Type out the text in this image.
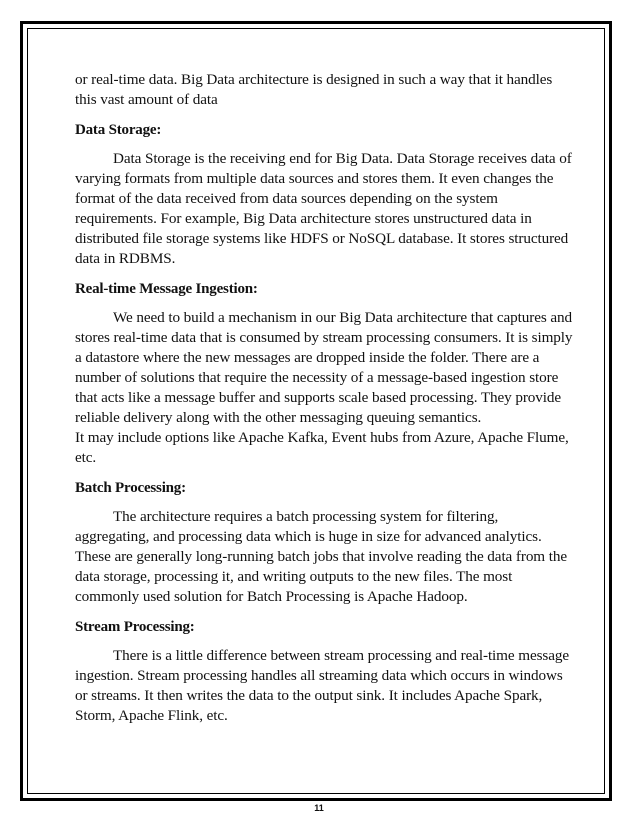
or real-time data. Big Data architecture is designed in such a way that it handles this vast amount of data

Data Storage:

Data Storage is the receiving end for Big Data. Data Storage receives data of varying formats from multiple data sources and stores them. It even changes the format of the data received from data sources depending on the system requirements. For example, Big Data architecture stores unstructured data in distributed file storage systems like HDFS or NoSQL database. It stores structured data in RDBMS.

Real-time Message Ingestion:

We need to build a mechanism in our Big Data architecture that captures and stores real-time data that is consumed by stream processing consumers. It is simply a datastore where the new messages are dropped inside the folder. There are a number of solutions that require the necessity of a message-based ingestion store that acts like a message buffer and supports scale based processing. They provide reliable delivery along with the other messaging queuing semantics.

It may include options like Apache Kafka, Event hubs from Azure, Apache Flume, etc.

Batch Processing:

The architecture requires a batch processing system for filtering, aggregating, and processing data which is huge in size for advanced analytics. These are generally long-running batch jobs that involve reading the data from the data storage, processing it, and writing outputs to the new files. The most commonly used solution for Batch Processing is Apache Hadoop.

Stream Processing:

There is a little difference between stream processing and real-time message ingestion. Stream processing handles all streaming data which occurs in windows or streams. It then writes the data to the output sink. It includes Apache Spark, Storm, Apache Flink, etc.

11
